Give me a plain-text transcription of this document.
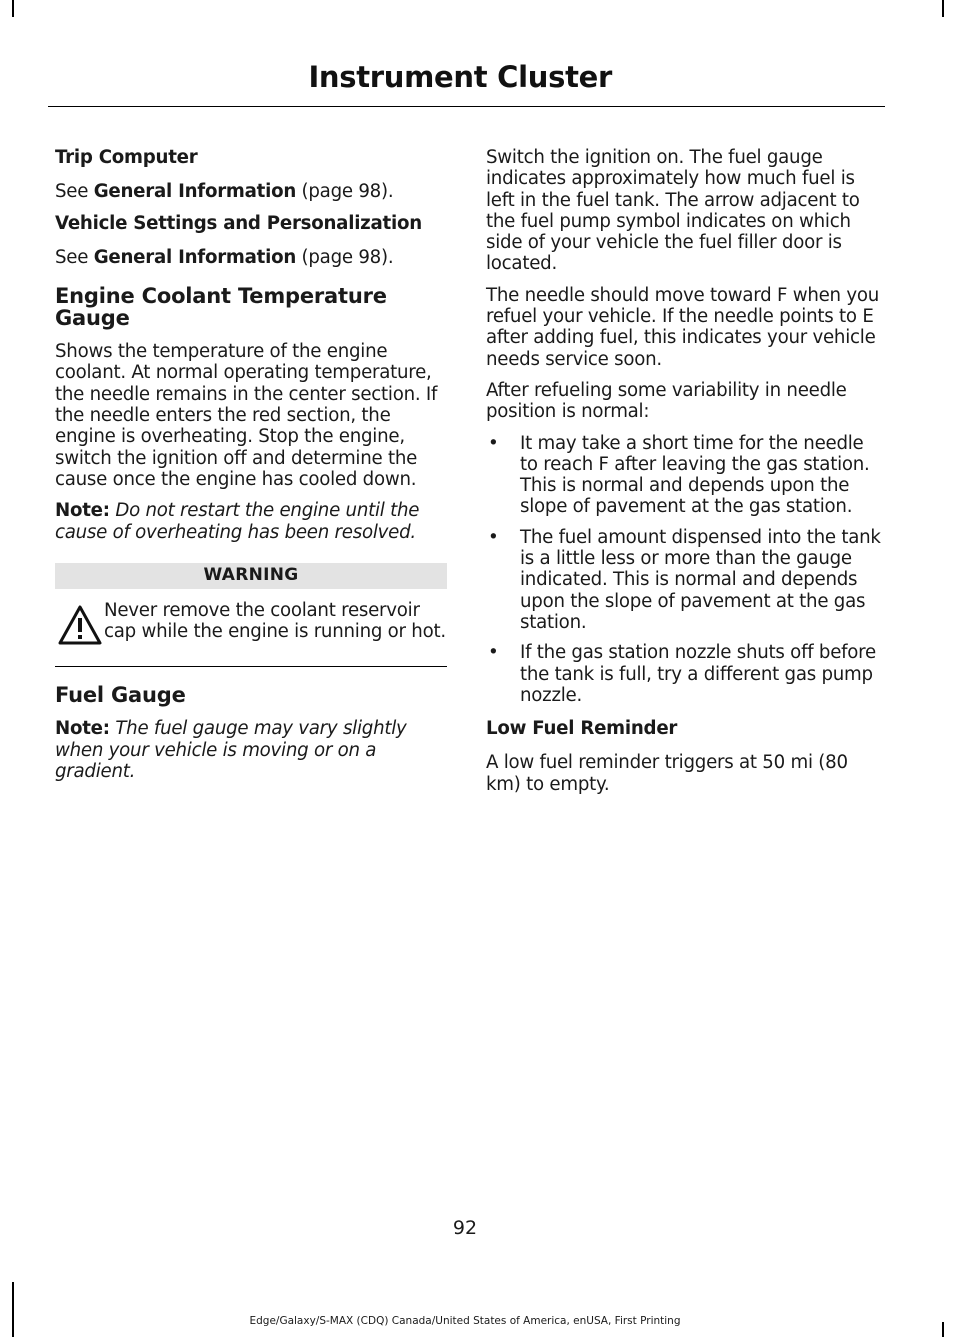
Instrument Cluster

Trip Computer

See General Information (page 98).

Vehicle Settings and Personalization

See General Information (page 98).

Engine Coolant Temperature Gauge

Shows the temperature of the engine coolant. At normal operating temperature, the needle remains in the center section. If the needle enters the red section, the engine is overheating. Stop the engine, switch the ignition off and determine the cause once the engine has cooled down.

Note: Do not restart the engine until the cause of overheating has been resolved.

WARNING

Never remove the coolant reservoir cap while the engine is running or hot.

Fuel Gauge

Note: The fuel gauge may vary slightly when your vehicle is moving or on a gradient.

Switch the ignition on. The fuel gauge indicates approximately how much fuel is left in the fuel tank. The arrow adjacent to the fuel pump symbol indicates on which side of your vehicle the fuel filler door is located.

The needle should move toward F when you refuel your vehicle. If the needle points to E after adding fuel, this indicates your vehicle needs service soon.

After refueling some variability in needle position is normal:

• It may take a short time for the needle to reach F after leaving the gas station. This is normal and depends upon the slope of pavement at the gas station.
• The fuel amount dispensed into the tank is a little less or more than the gauge indicated. This is normal and depends upon the slope of pavement at the gas station.
• If the gas station nozzle shuts off before the tank is full, try a different gas pump nozzle.

Low Fuel Reminder

A low fuel reminder triggers at 50 mi (80 km) to empty.

92
Edge/Galaxy/S-MAX (CDQ) Canada/United States of America, enUSA, First Printing
